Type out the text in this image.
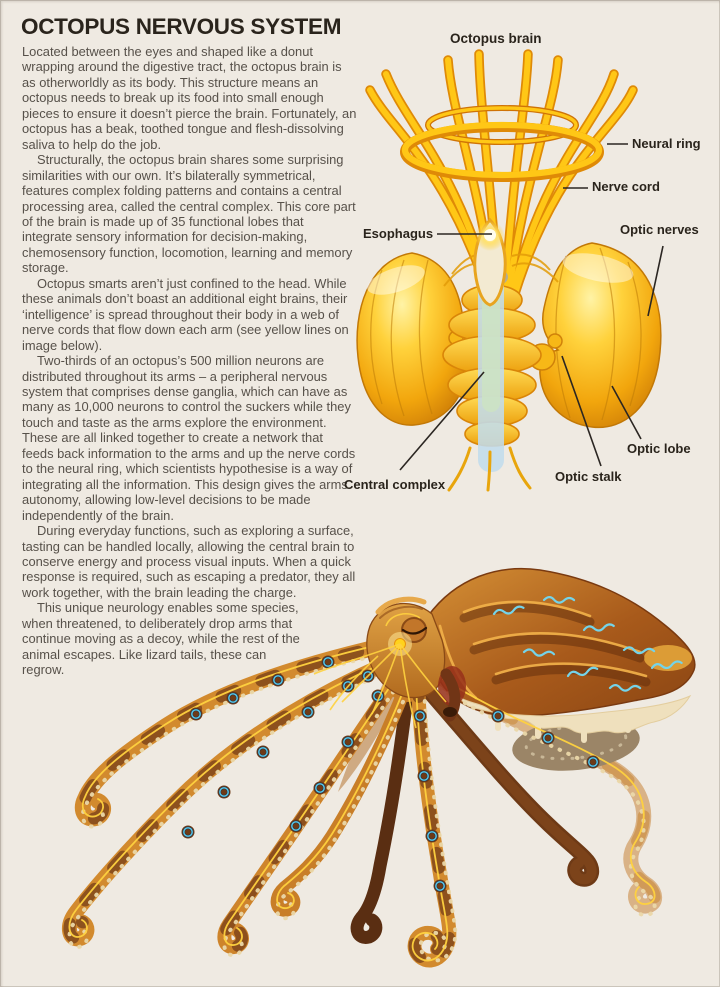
OCTOPUS NERVOUS SYSTEM

Located between the eyes and shaped like a donut wrapping around the digestive tract, the octopus brain is as otherworldly as its body. This structure means an octopus needs to break up its food into small enough pieces to ensure it doesn’t pierce the brain. Fortunately, an octopus has a beak, toothed tongue and flesh-dissolving saliva to help do the job.

Structurally, the octopus brain shares some surprising similarities with our own. It’s bilaterally symmetrical, features complex folding patterns and contains a central processing area, called the central complex. This core part of the brain is made up of 35 functional lobes that integrate sensory information for decision-making, chemosensory function, locomotion, learning and memory storage.

Octopus smarts aren’t just confined to the head. While these animals don’t boast an additional eight brains, their ‘intelligence’ is spread throughout their body in a web of nerve cords that flow down each arm (see yellow lines on image below).

Two-thirds of an octopus’s 500 million neurons are distributed throughout its arms – a peripheral nervous system that comprises dense ganglia, which can have as many as 10,000 neurons to control the suckers while they touch and taste as the arms explore the environment. These are all linked together to create a network that feeds back information to the arms and up the nerve cords to the neural ring, which scientists hypothesise is a way of integrating all the information. This design gives the arms autonomy, allowing low-level decisions to be made independently of the brain.

During everyday functions, such as exploring a surface, tasting can be handled locally, allowing the central brain to conserve energy and process visual inputs. When a quick response is required, such as escaping a predator, they all work together, with the brain leading the charge.

This unique neurology enables some species, when threatened, to deliberately drop arms that continue moving as a decoy, while the rest of the animal escapes. Like lizard tails, these can regrow.

Octopus brain
Neural ring
Nerve cord
Esophagus	Optic nerves
Central complex
Optic stalk
Optic lobe
